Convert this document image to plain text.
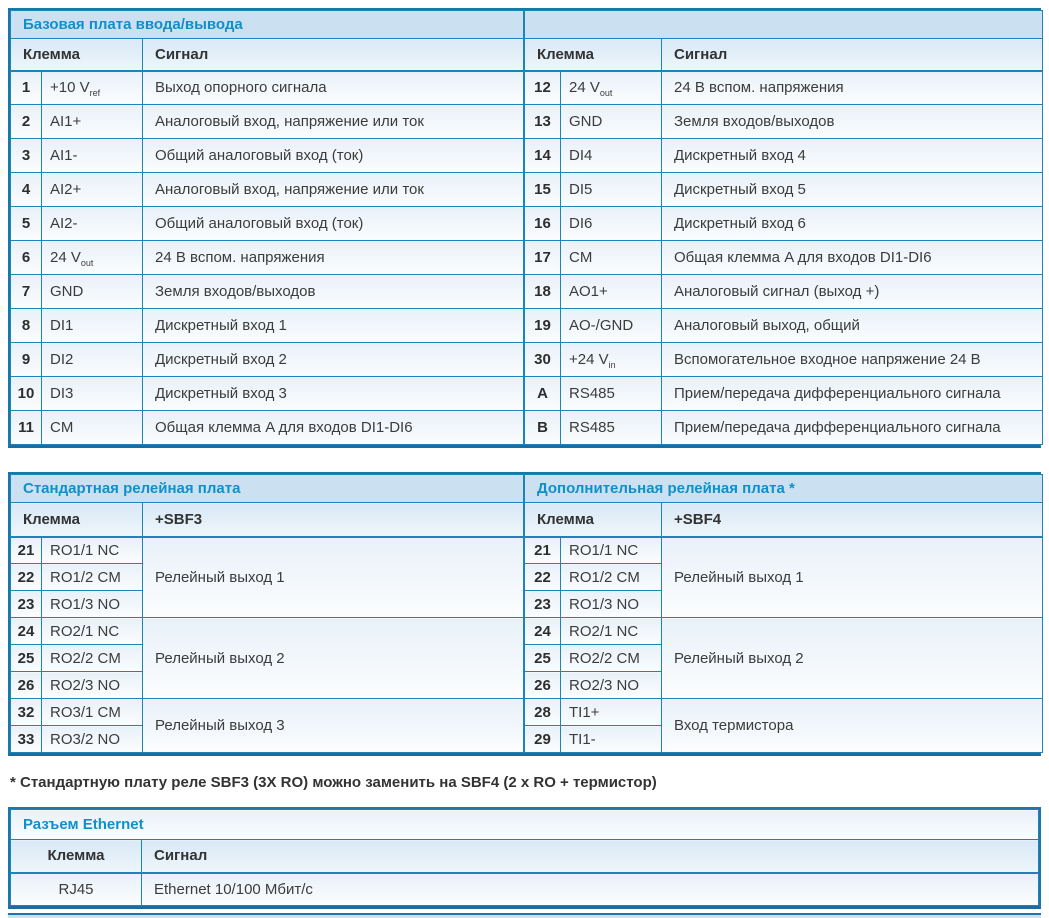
Базовая плата ввода/вывода		
Клемма		Сигнал
1	+10 $V_{ref}$	Выход опорного сигнала
2	AI1+	Аналоговый вход, напряжение или ток
3	AI1-	Общий аналоговый вход (ток)
4	AI2+	Аналоговый вход, напряжение или ток
5	AI2-	Общий аналоговый вход (ток)
6	24 $V_{out}$	24 В вспом. напряжения
7	GND	Земля входов/выходов
8	DI1	Дискретный вход 1
9	DI2	Дискретный вход 2
10	DI3	Дискретный вход 3
11	CM	Общая клемма A для входов DI1-DI6

Клемма		Сигнал
12	24 $V_{out}$	24 В вспом. напряжения
13	GND	Земля входов/выходов
14	DI4	Дискретный вход 4
15	DI5	Дискретный вход 5
16	DI6	Дискретный вход 6
17	CM	Общая клемма A для входов DI1-DI6
18	AO1+	Аналоговый сигнал (выход +)
19	AO-/GND	Аналоговый выход, общий
30	+24 $V_{in}$	Вспомогательное входное напряжение 24 В
A	RS485	Прием/передача дифференциального сигнала
B	RS485	Прием/передача дифференциального сигнала
Стандартная релейная плата		
Клемма		+SBF3
21	RO1/1 NC	Релейный выход 1
22	RO1/2 CM	
23	RO1/3 NO	
24	RO2/1 NC	Релейный выход 2
25	RO2/2 CM	
26	RO2/3 NO	
32	RO3/1 CM	Релейный выход 3
33	RO3/2 NO	
Дополнительная релейная плата *		
Клемма		+SBF4
21	RO1/1 NC	Релейный выход 1
22	RO1/2 CM	
23	RO1/3 NO	
24	RO2/1 NC	Релейный выход 2
25	RO2/2 CM	
26	RO2/3 NO	
28	TI1+	Вход термистора
29	TI1-	
* Стандартную плату реле SBF3 (3X RO) можно заменить на SBF4 (2 x RO + термистор)
Разъем Ethernet	
Клемма	Сигнал
RJ45	Ethernet 10/100 Мбит/с
